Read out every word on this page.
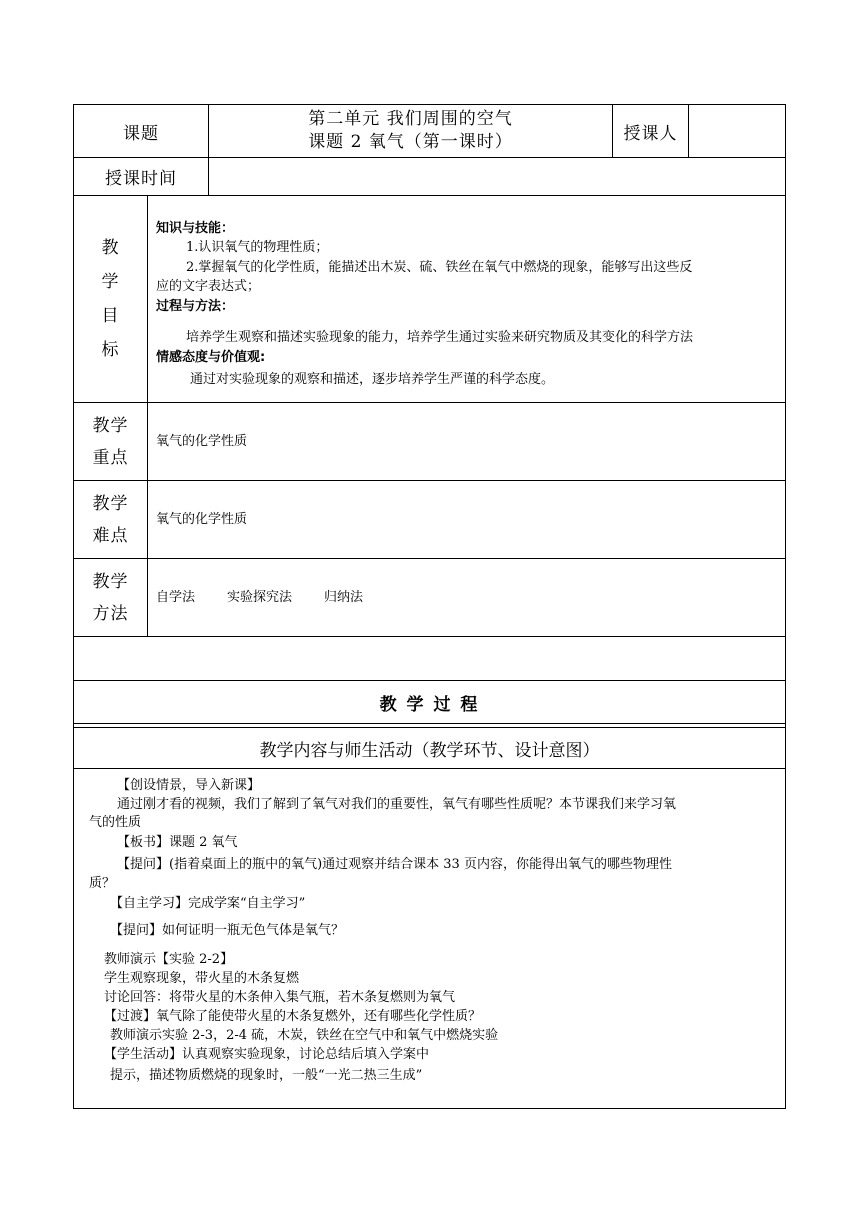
课题
第二单元 我们周围的空气
课题 2 氧气（第一课时）	授课人
授课时间
教
学
目
标
知识与技能：
1.认识氧气的物理性质；
2.掌握氧气的化学性质，能描述出木炭、硫、铁丝在氧气中燃烧的现象，能够写出这些反
应的文字表达式；
过程与方法：
培养学生观察和描述实验现象的能力，培养学生通过实验来研究物质及其变化的科学方法
情感态度与价值观:
通过对实验现象的观察和描述，逐步培养学生严谨的科学态度。
教学
重点
氧气的化学性质
教学
难点
氧气的化学性质
教学
方法
自学法 实验探究法 归纳法
教 学 过 程
教学内容与师生活动（教学环节、设计意图）
【创设情景，导入新课】
通过刚才看的视频，我们了解到了氧气对我们的重要性，氧气有哪些性质呢？本节课我们来学习氧
气的性质
【板书】课题 2 氧气
【提问】(指着桌面上的瓶中的氧气)通过观察并结合课本 33 页内容，你能得出氧气的哪些物理性
质？
【自主学习】完成学案“自主学习”
【提问】如何证明一瓶无色气体是氧气？
教师演示【实验 2-2】
学生观察现象，带火星的木条复燃
讨论回答：将带火星的木条伸入集气瓶，若木条复燃则为氧气
【过渡】氧气除了能使带火星的木条复燃外，还有哪些化学性质？
教师演示实验 2-3，2-4 硫，木炭，铁丝在空气中和氧气中燃烧实验
【学生活动】认真观察实验现象，讨论总结后填入学案中
提示，描述物质燃烧的现象时，一般“一光二热三生成”
